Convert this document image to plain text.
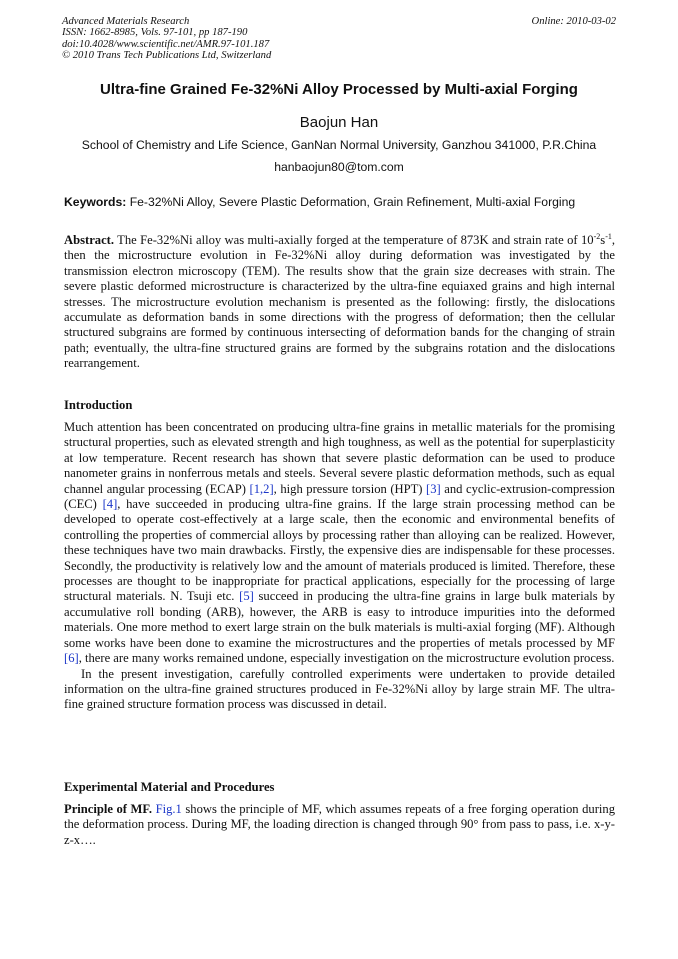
Advanced Materials Research
ISSN: 1662-8985, Vols. 97-101, pp 187-190
doi:10.4028/www.scientific.net/AMR.97-101.187
© 2010 Trans Tech Publications Ltd, Switzerland
Online: 2010-03-02
Ultra-fine Grained Fe-32%Ni Alloy Processed by Multi-axial Forging
Baojun Han
School of Chemistry and Life Science, GanNan Normal University, Ganzhou 341000, P.R.China
hanbaojun80@tom.com
Keywords: Fe-32%Ni Alloy, Severe Plastic Deformation, Grain Refinement, Multi-axial Forging
Abstract. The Fe-32%Ni alloy was multi-axially forged at the temperature of 873K and strain rate of $10^{-2}s^{-1}$, then the microstructure evolution in Fe-32%Ni alloy during deformation was investigated by the transmission electron microscopy (TEM). The results show that the grain size decreases with strain. The severe plastic deformed microstructure is characterized by the ultra-fine equiaxed grains and high internal stresses. The microstructure evolution mechanism is presented as the following: firstly, the dislocations accumulate as deformation bands in some directions with the progress of deformation; then the cellular structured subgrains are formed by continuous intersecting of deformation bands for the changing of strain path; eventually, the ultra-fine structured grains are formed by the subgrains rotation and the dislocations rearrangement.
Introduction

Much attention has been concentrated on producing ultra-fine grains in metallic materials for the promising structural properties, such as elevated strength and high toughness, as well as the potential for superplasticity at low temperature. Recent research has shown that severe plastic deformation can be used to produce nanometer grains in nonferrous metals and steels. Several severe plastic deformation methods, such as equal channel angular processing (ECAP) [1,2], high pressure torsion (HPT) [3] and cyclic-extrusion-compression (CEC) [4], have succeeded in producing ultra-fine grains. If the large strain processing method can be developed to operate cost-effectively at a large scale, then the economic and environmental benefits of controlling the properties of commercial alloys by processing rather than alloying can be realized. However, these techniques have two main drawbacks. Firstly, the expensive dies are indispensable for these processes. Secondly, the productivity is relatively low and the amount of materials produced is limited. Therefore, these processes are thought to be inappropriate for practical applications, especially for the processing of large structural materials. N. Tsuji etc. [5] succeed in producing the ultra-fine grains in large bulk materials by accumulative roll bonding (ARB), however, the ARB is easy to introduce impurities into the deformed materials. One more method to exert large strain on the bulk materials is multi-axial forging (MF). Although some works have been done to examine the microstructures and the properties of metals processed by MF [6], there are many works remained undone, especially investigation on the microstructure evolution process.

In the present investigation, carefully controlled experiments were undertaken to provide detailed information on the ultra-fine grained structures produced in Fe-32%Ni alloy by large strain MF. The ultra-fine grained structure formation process was discussed in detail.

Experimental Material and Procedures
Principle of MF. Fig.1 shows the principle of MF, which assumes repeats of a free forging operation during the deformation process. During MF, the loading direction is changed through 90° from pass to pass, i.e. x-y-z-x….
